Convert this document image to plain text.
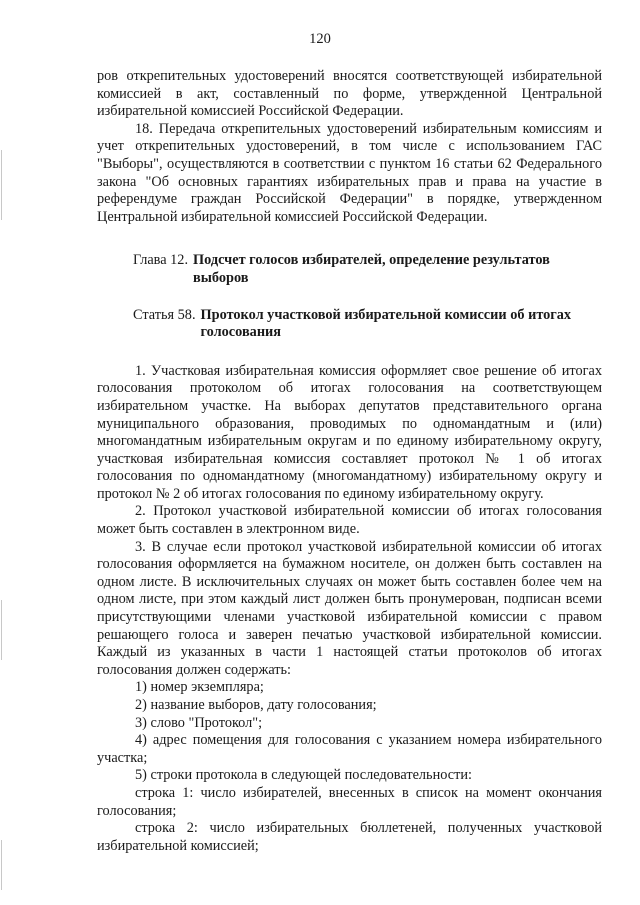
120

ров открепительных удостоверений вносятся соответствующей избирательной комиссией в акт, составленный по форме, утвержденной Центральной избирательной комиссией Российской Федерации.

18. Передача открепительных удостоверений избирательным комиссиям и учет открепительных удостоверений, в том числе с использованием ГАС "Выборы", осуществляются в соответствии с пунктом 16 статьи 62 Федерального закона "Об основных гарантиях избирательных прав и права на участие в референдуме граждан Российской Федерации" в порядке, утвержденном Центральной избирательной комиссией Российской Федерации.

Глава 12. Подсчет голосов избирателей, определение результатов выборов
Статья 58. Протокол участковой избирательной комиссии об итогах голосования

1. Участковая избирательная комиссия оформляет свое решение об итогах голосования протоколом об итогах голосования на соответствующем избирательном участке. На выборах депутатов представительного органа муниципального образования, проводимых по одномандатным и (или) многомандатным избирательным округам и по единому избирательному округу, участковая избирательная комиссия составляет протокол № 1 об итогах голосования по одномандатному (многомандатному) избирательному округу и протокол № 2 об итогах голосования по единому избирательному округу.

2. Протокол участковой избирательной комиссии об итогах голосования может быть составлен в электронном виде.

3. В случае если протокол участковой избирательной комиссии об итогах голосования оформляется на бумажном носителе, он должен быть составлен на одном листе. В исключительных случаях он может быть составлен более чем на одном листе, при этом каждый лист должен быть пронумерован, подписан всеми присутствующими членами участковой избирательной комиссии с правом решающего голоса и заверен печатью участковой избирательной комиссии. Каждый из указанных в части 1 настоящей статьи протоколов об итогах голосования должен содержать:

1) номер экземпляра;

2) название выборов, дату голосования;

3) слово "Протокол";

4) адрес помещения для голосования с указанием номера избирательного участка;

5) строки протокола в следующей последовательности:

строка 1: число избирателей, внесенных в список на момент окончания голосования;

строка 2: число избирательных бюллетеней, полученных участковой избирательной комиссией;
